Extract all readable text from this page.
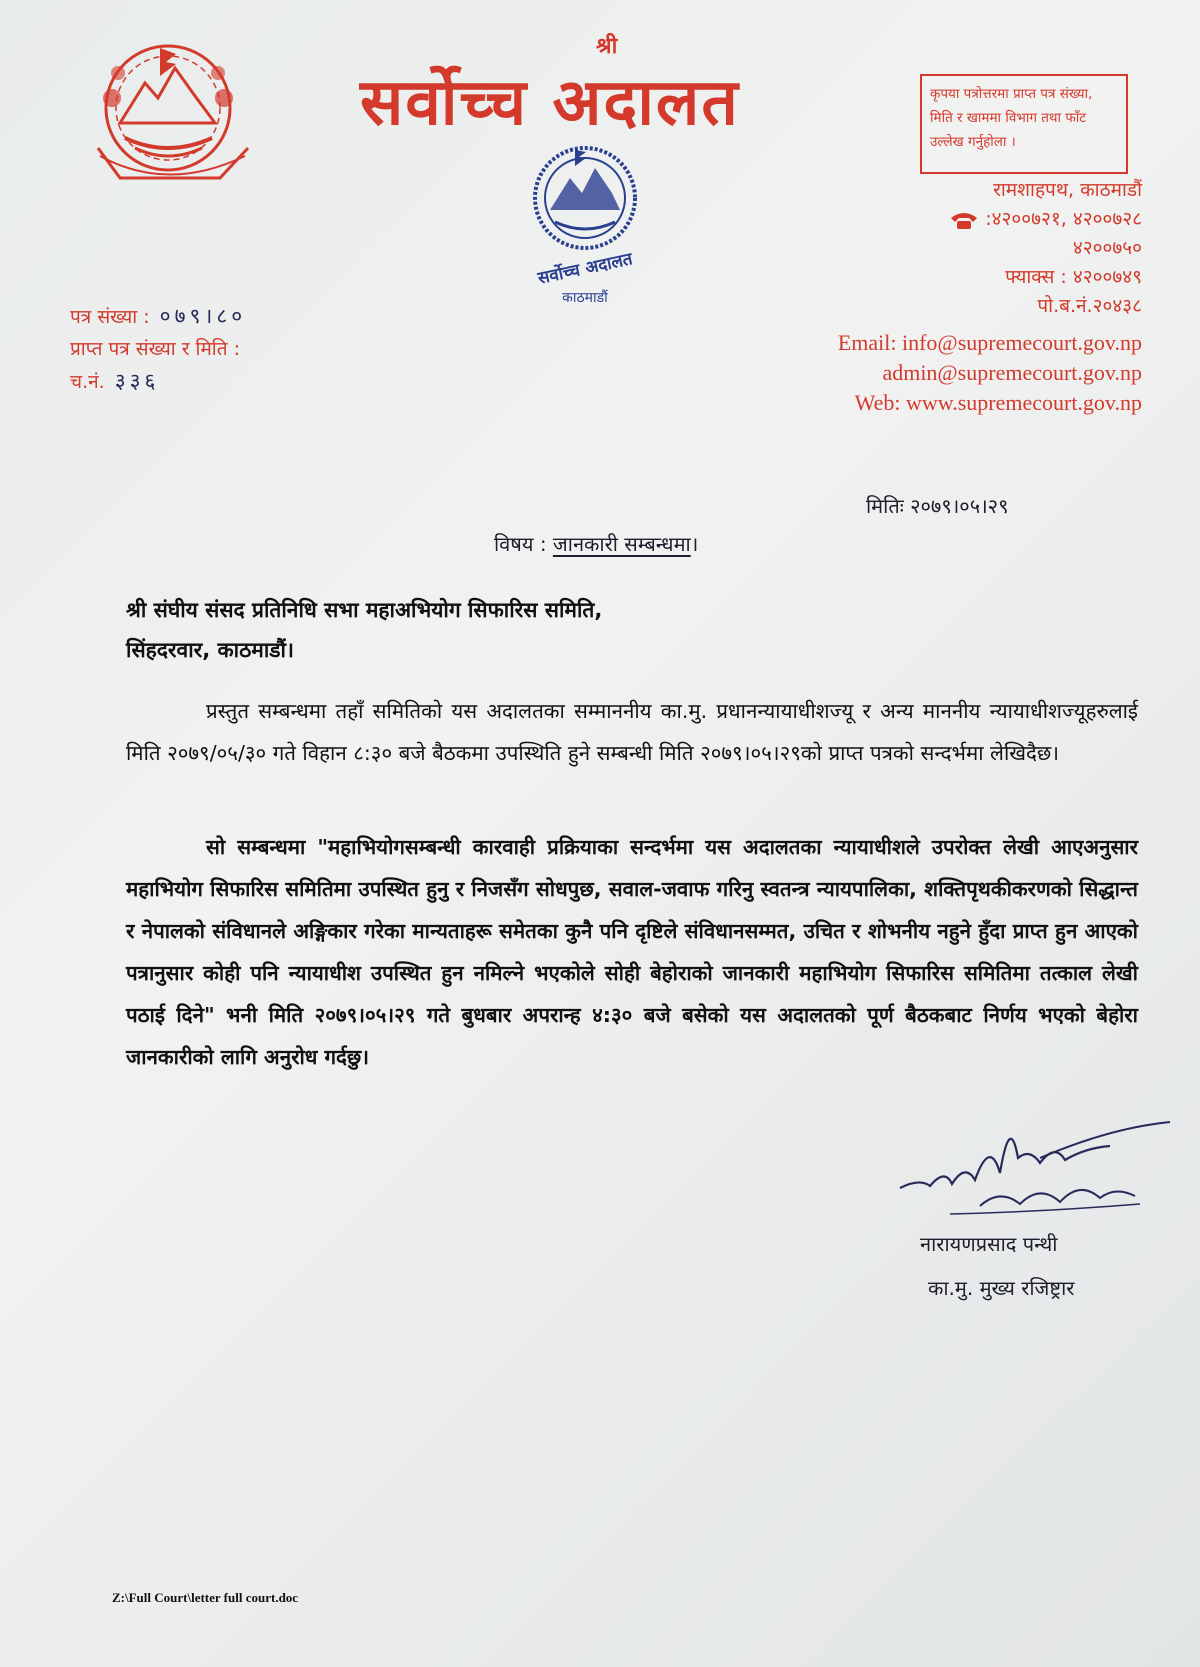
सर्वोच्च अदालत
काठमाडौं
श्री
सर्वोच्च अदालत	कृपया पत्रोत्तरमा प्राप्त पत्र संख्या,
मिति र खाममा विभाग तथा फाँट
उल्लेख गर्नुहोला ।
रामशाहपथ, काठमाडौं
:४२००७२१, ४२००७२८
४२००७५०
फ्याक्स : ४२००७४९
पो.ब.नं.२०४३८
Email: info@supremecourt.gov.np
admin@supremecourt.gov.np
Web: www.supremecourt.gov.np
पत्र संख्या : ०७९।८०
प्राप्त पत्र संख्या र मिति :
च.नं. ३३६
मितिः २०७९।०५।२९
विषय : जानकारी सम्बन्धमा।
श्री संघीय संसद प्रतिनिधि सभा महाअभियोग सिफारिस समिति,
सिंहदरवार, काठमाडौं।
प्रस्तुत सम्बन्धमा तहाँ समितिको यस अदालतका सम्माननीय का.मु. प्रधानन्यायाधीशज्यू र अन्य माननीय न्यायाधीशज्यूहरुलाई मिति २०७९/०५/३० गते विहान ८:३० बजे बैठकमा उपस्थिति हुने सम्बन्धी मिति २०७९।०५।२९को प्राप्त पत्रको सन्दर्भमा लेखिदैछ।
सो सम्बन्धमा "महाभियोगसम्बन्धी कारवाही प्रक्रियाका सन्दर्भमा यस अदालतका न्यायाधीशले उपरोक्त लेखी आएअनुसार महाभियोग सिफारिस समितिमा उपस्थित हुनु र निजसँग सोधपुछ, सवाल-जवाफ गरिनु स्वतन्त्र न्यायपालिका, शक्तिपृथकीकरणको सिद्धान्त र नेपालको संविधानले अङ्गिकार गरेका मान्यताहरू समेतका कुनै पनि दृष्टिले संविधानसम्मत, उचित र शोभनीय नहुने हुँदा प्राप्त हुन आएको पत्रानुसार कोही पनि न्यायाधीश उपस्थित हुन नमिल्ने भएकोले सोही बेहोराको जानकारी महाभियोग सिफारिस समितिमा तत्काल लेखी पठाई दिने" भनी मिति २०७९।०५।२९ गते बुधबार अपरान्ह ४:३० बजे बसेको यस अदालतको पूर्ण बैठकबाट निर्णय भएको बेहोरा जानकारीको लागि अनुरोध गर्दछु।
नारायणप्रसाद पन्थी
का.मु. मुख्य रजिष्ट्रार
Z:\Full Court\letter full court.doc
